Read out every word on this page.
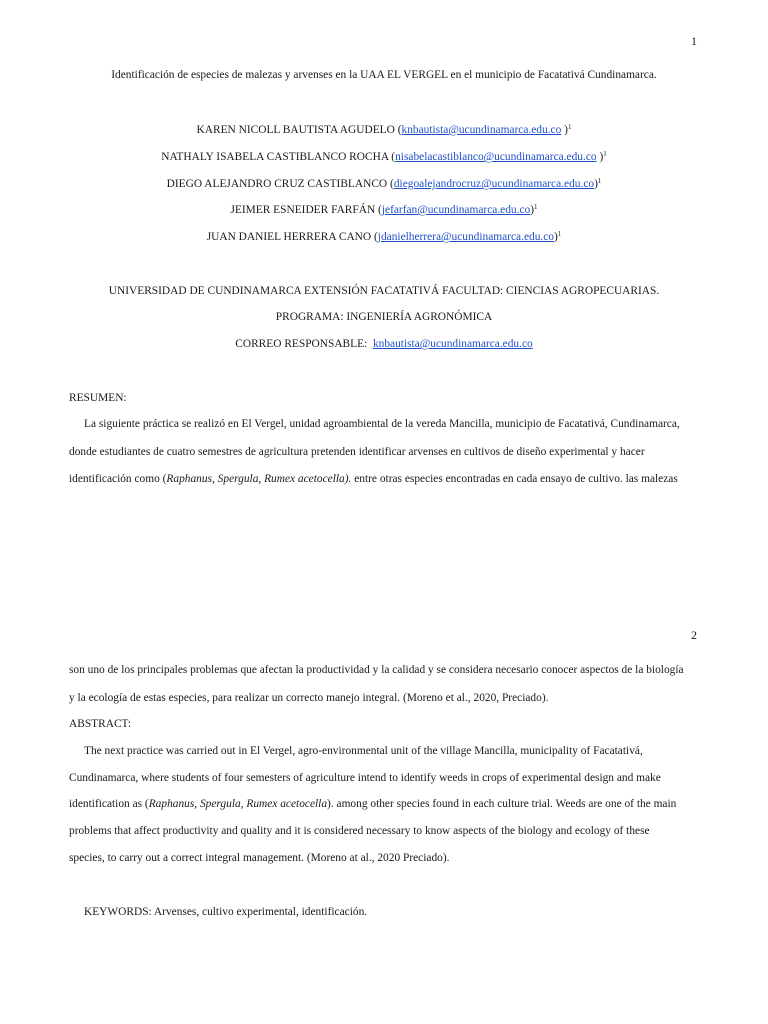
1
Identificación de especies de malezas y arvenses en la UAA EL VERGEL en el municipio de Facatativá Cundinamarca.
KAREN NICOLL BAUTISTA AGUDELO (knbautista@ucundinamarca.edu.co )$^1$
NATHALY ISABELA CASTIBLANCO ROCHA (nisabelacastiblanco@ucundinamarca.edu.co )$^1$
DIEGO ALEJANDRO CRUZ CASTIBLANCO (diegoalejandrocruz@ucundinamarca.edu.co)$^1$
JEIMER ESNEIDER FARFÁN (jefarfan@ucundinamarca.edu.co)$^1$
JUAN DANIEL HERRERA CANO (jdanielherrera@ucundinamarca.edu.co)$^1$
UNIVERSIDAD DE CUNDINAMARCA EXTENSIÓN FACATATIVÁ FACULTAD: CIENCIAS AGROPECUARIAS.
PROGRAMA: INGENIERÍA AGRONÓMICA
CORREO RESPONSABLE: knbautista@ucundinamarca.edu.co
RESUMEN:
La siguiente práctica se realizó en El Vergel, unidad agroambiental de la vereda Mancilla, municipio de Facatativá, Cundinamarca,
donde estudiantes de cuatro semestres de agricultura pretenden identificar arvenses en cultivos de diseño experimental y hacer
identificación como (Raphanus, Spergula, Rumex acetocella). entre otras especies encontradas en cada ensayo de cultivo. las malezas
2
son uno de los principales problemas que afectan la productividad y la calidad y se considera necesario conocer aspectos de la biología
y la ecología de estas especies, para realizar un correcto manejo integral. (Moreno et al., 2020, Preciado).
ABSTRACT:
The next practice was carried out in El Vergel, agro-environmental unit of the village Mancilla, municipality of Facatativá,
Cundinamarca, where students of four semesters of agriculture intend to identify weeds in crops of experimental design and make
identification as (Raphanus, Spergula, Rumex acetocella). among other species found in each culture trial. Weeds are one of the main
problems that affect productivity and quality and it is considered necessary to know aspects of the biology and ecology of these
species, to carry out a correct integral management. (Moreno at al., 2020 Preciado).
KEYWORDS: Arvenses, cultivo experimental, identificación.
